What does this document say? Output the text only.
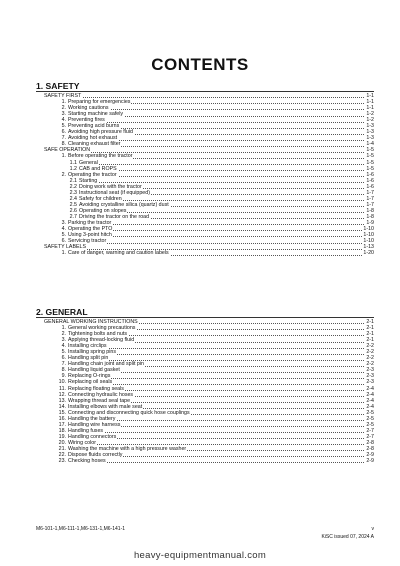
CONTENTS
1. SAFETY
SAFETY FIRST	1-1
1. Preparing for emergencies	1-1
2. Working cautions	1-1
3. Starting machine safely	1-2
4. Preventing fires	1-2
5. Preventing acid burns	1-3
6. Avoiding high pressure fluid	1-3
7. Avoiding hot exhaust	1-3
8. Cleaning exhaust filter	1-4
SAFE OPERATION	1-5
1. Before operating the tractor	1-5
1.1 General	1-5
1.2 CAB and ROPS	1-5
2. Operating the tractor	1-6
2.1 Starting	1-6
2.2 Doing work with the tractor	1-6
2.3 Instructional seat (if equipped)	1-7
2.4 Safety for children	1-7
2.5 Avoiding crystalline silica (quartz) dust	1-7
2.6 Operating on slopes	1-8
2.7 Driving the tractor on the road	1-8
3. Parking the tractor	1-9
4. Operating the PTO	1-10
5. Using 3-point hitch	1-10
6. Servicing tractor	1-10
SAFETY LABELS	1-13
1. Care of danger, warning and caution labels	1-20
2. GENERAL
GENERAL WORKING INSTRUCTIONS	2-1
1. General working precautions	2-1
2. Tightening bolts and nuts	2-1
3. Applying thread-locking fluid	2-1
4. Installing circlips	2-2
5. Installing spring pins	2-2
6. Handling split pin	2-2
7. Handling chain joint and split pin	2-2
8. Handling liquid gasket	2-3
9. Replacing O-rings	2-3
10. Replacing oil seals	2-3
11. Replacing floating seals	2-4
12. Connecting hydraulic hoses	2-4
13. Wrapping thread seal tape	2-4
14. Installing elbows with male seat	2-4
15. Connecting and disconnecting quick hose couplings	2-5
16. Handling the battery	2-5
17. Handling wire harness	2-5
18. Handling fuses	2-7
19. Handling connectors	2-7
20. Wiring color	2-8
21. Washing the machine with a high pressure washer	2-8
22. Dispose fluids correctly	2-9
23. Checking hoses	2-9
M6-101-1,M6-111-1,M6-131-1,M6-141-1	v
KiSC issued 07, 2024 A
heavy-equipmentmanual.com
